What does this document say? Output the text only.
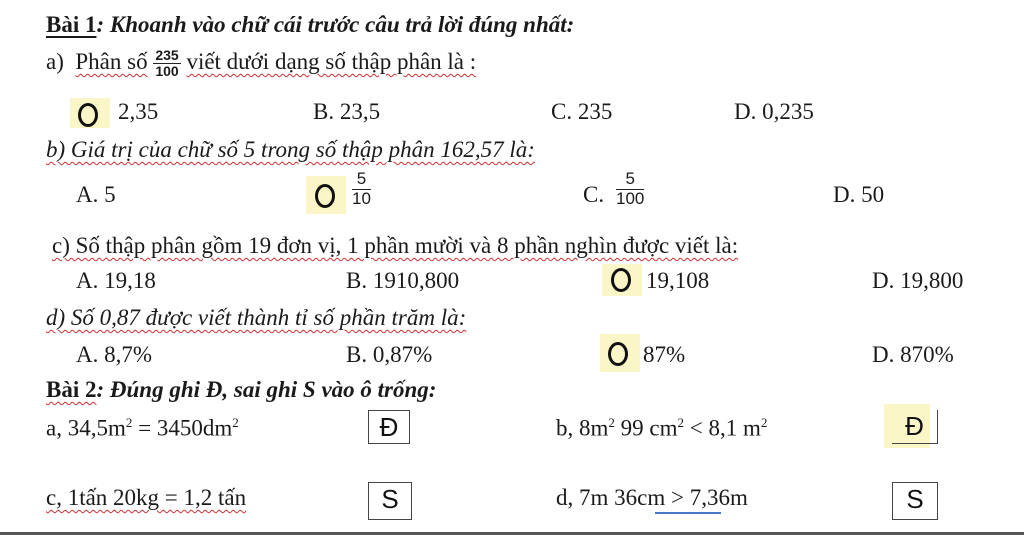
Bài 1: Khoanh vào chữ cái trước câu trả lời đúng nhất:
a) Phân số $\frac{235}{100}$ viết dưới dạng số thập phân là :
2,35	B. 23,5	C. 235	D. 0,235
b) Giá trị của chữ số 5 trong số thập phân 162,57 là:
A. 5	$\frac{5}{10}$	C. $\frac{5}{100}$	D. 50
c) Số thập phân gồm 19 đơn vị, 1 phần mười và 8 phần nghìn được viết là:
A. 19,18	B. 1910,800	19,108	D. 19,800
d) Số 0,87 được viết thành tỉ số phần trăm là:
A. 8,7%	B. 0,87%	87%	D. 870%
Bài 2: Đúng ghi Đ, sai ghi S vào ô trống:
a, $34,5m^2 = 3450dm^2$	Đ	b, $8m^2$ 99 $cm^2 < 8,1$ $m^2$	Đ
c, 1tấn 20kg = 1,2 tấn	S	d, 7m 36cm > 7,36m	S
